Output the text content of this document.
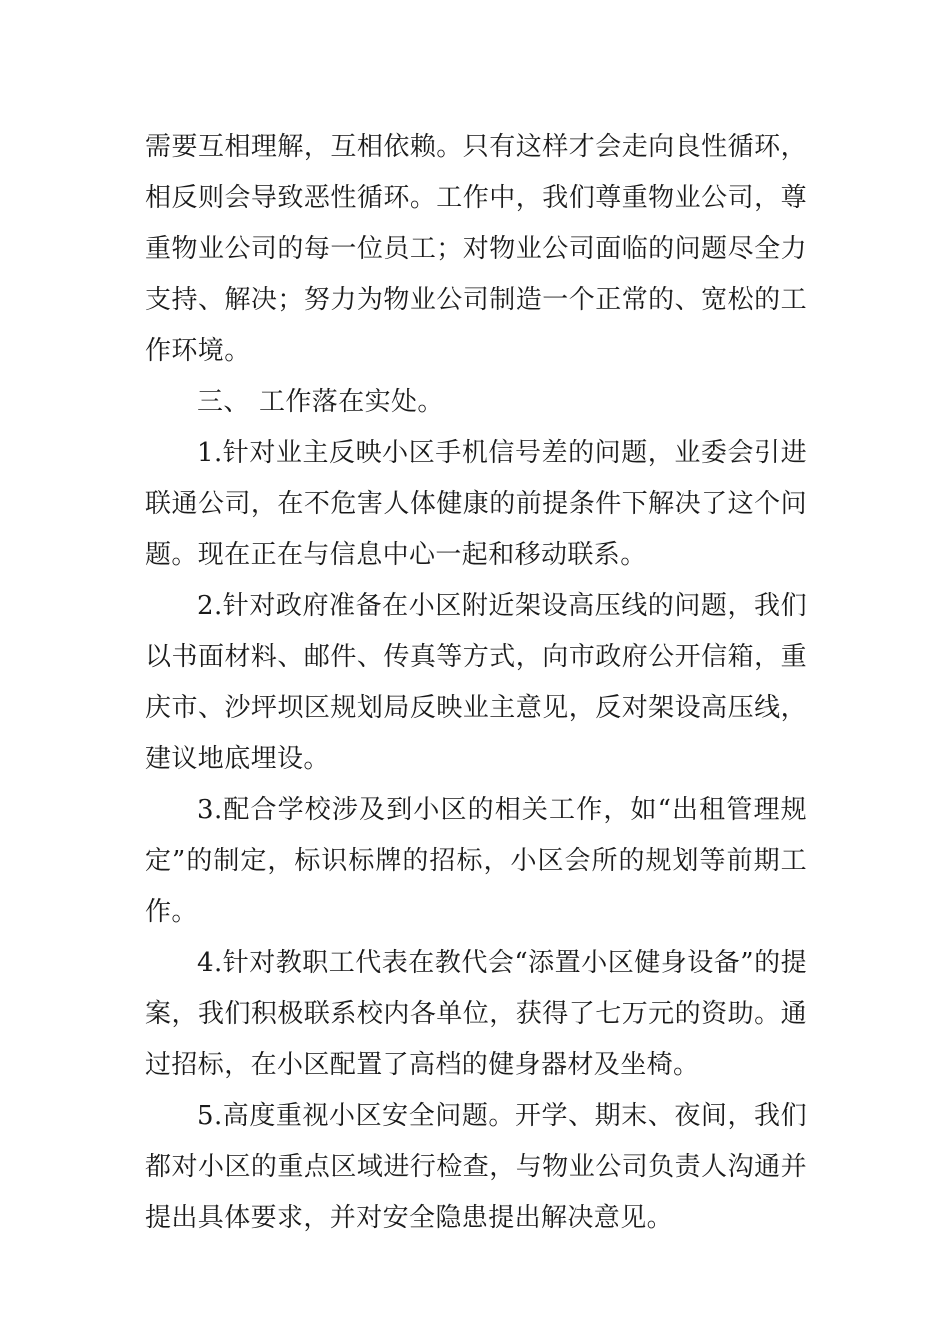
需要互相理解，互相依赖。只有这样才会走向良性循环，相反则会导致恶性循环。工作中，我们尊重物业公司，尊重物业公司的每一位员工；对物业公司面临的问题尽全力支持、解决；努力为物业公司制造一个正常的、宽松的工作环境。

三、 工作落在实处。

1.针对业主反映小区手机信号差的问题，业委会引进联通公司，在不危害人体健康的前提条件下解决了这个问题。现在正在与信息中心一起和移动联系。

2.针对政府准备在小区附近架设高压线的问题，我们以书面材料、邮件、传真等方式，向市政府公开信箱，重庆市、沙坪坝区规划局反映业主意见，反对架设高压线，建议地底埋设。

3.配合学校涉及到小区的相关工作，如“出租管理规定”的制定，标识标牌的招标，小区会所的规划等前期工作。

4.针对教职工代表在教代会“添置小区健身设备”的提案，我们积极联系校内各单位，获得了七万元的资助。通过招标，在小区配置了高档的健身器材及坐椅。

5.高度重视小区安全问题。开学、期末、夜间，我们都对小区的重点区域进行检查，与物业公司负责人沟通并提出具体要求，并对安全隐患提出解决意见。
